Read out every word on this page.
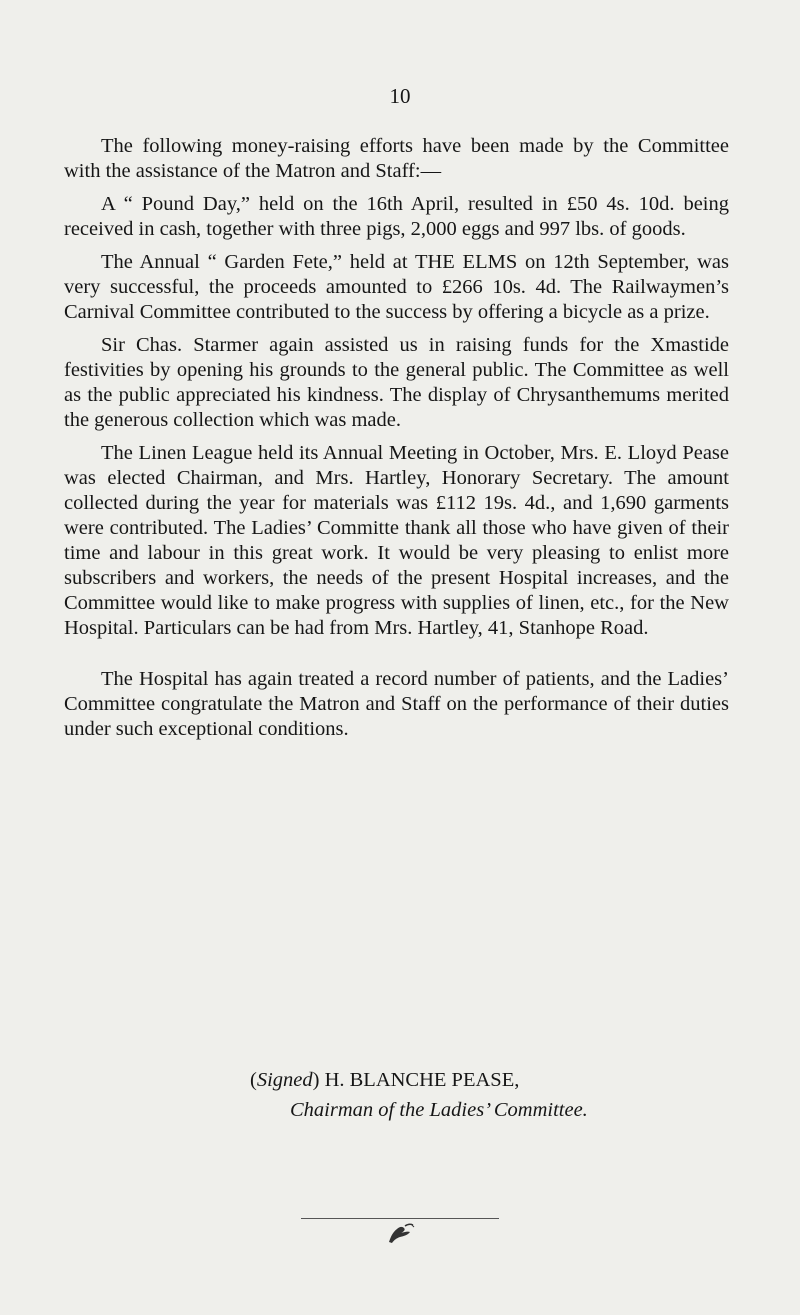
10

The following money-raising efforts have been made by the Committee with the assistance of the Matron and Staff:—

A “ Pound Day,” held on the 16th April, resulted in £50 4s. 10d. being received in cash, together with three pigs, 2,000 eggs and 997 lbs. of goods.

The Annual “ Garden Fete,” held at THE ELMS on 12th September, was very successful, the proceeds amounted to £266 10s. 4d. The Railwaymen’s Carnival Committee contributed to the success by offering a bicycle as a prize.

Sir Chas. Starmer again assisted us in raising funds for the Xmastide festivities by opening his grounds to the general public. The Committee as well as the public appreciated his kindness. The display of Chrysanthemums merited the generous collection which was made.

The Linen League held its Annual Meeting in October, Mrs. E. Lloyd Pease was elected Chairman, and Mrs. Hartley, Honorary Secretary. The amount collected during the year for materials was £112 19s. 4d., and 1,690 garments were contributed. The Ladies’ Committe thank all those who have given of their time and labour in this great work. It would be very pleasing to enlist more subscribers and workers, the needs of the present Hospital increases, and the Committee would like to make progress with supplies of linen, etc., for the New Hospital. Particulars can be had from Mrs. Hartley, 41, Stanhope Road.

The Hospital has again treated a record number of patients, and the Ladies’ Committee congratulate the Matron and Staff on the performance of their duties under such exceptional conditions.

(Signed) H. BLANCHE PEASE,
Chairman of the Ladies’ Committee.
